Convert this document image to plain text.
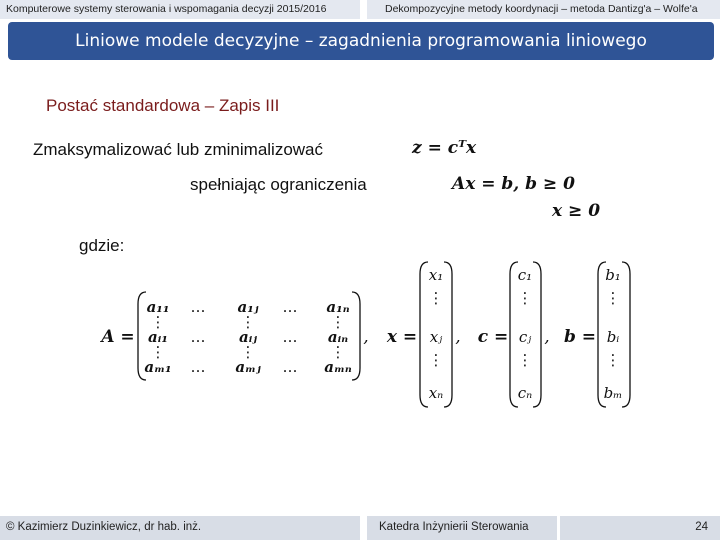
Komputerowe systemy sterowania i wspomagania decyzji 2015/2016	Dekompozycyjne metody koordynacji – metoda Dantizg'a – Wolfe'a
Liniowe modele decyzyjne – zagadnienia programowania liniowego
Postać standardowa – Zapis III
Zmaksymalizować lub zminimalizować	z = cᵀx
spełniając ograniczenia	Ax = b, b ≥ 0
x ≥ 0
gdzie:
A =
a₁₁ … a₁ⱼ … a₁ₙ
⋮	⋮	⋮
aᵢ₁ … aᵢⱼ … aᵢₙ
⋮	⋮	⋮
aₘ₁ … aₘⱼ … aₘₙ
, x =
x₁
⋮
xⱼ
⋮
xₙ
, c =
c₁
⋮
cⱼ
⋮
cₙ
, b =
b₁
⋮
bᵢ
⋮
bₘ
© Kazimierz Duzinkiewicz, dr hab. inż.	Katedra Inżynierii Sterowania	24
